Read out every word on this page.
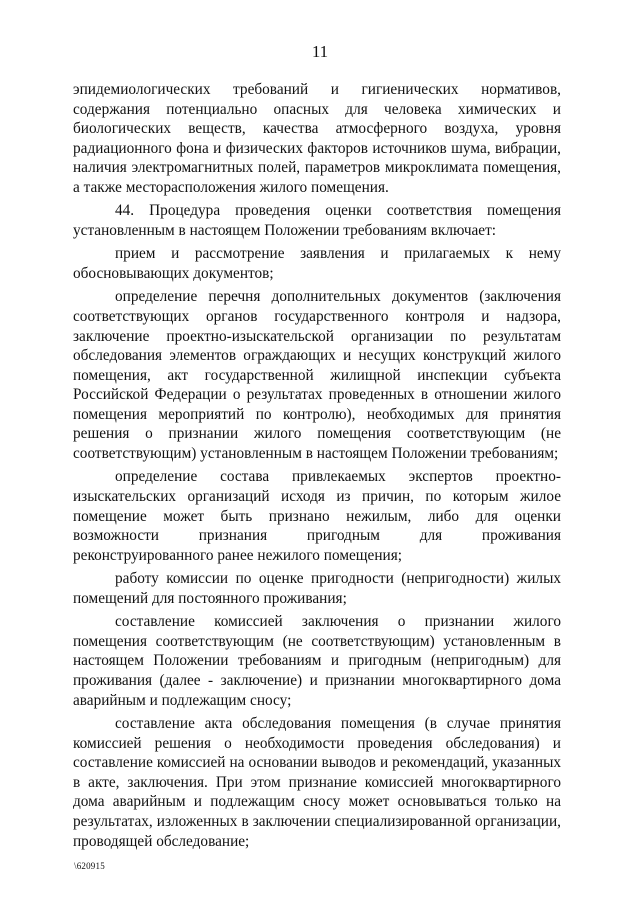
11

эпидемиологических требований и гигиенических нормативов, содержания потенциально опасных для человека химических и биологических веществ, качества атмосферного воздуха, уровня радиационного фона и физических факторов источников шума, вибрации, наличия электромагнитных полей, параметров микроклимата помещения, а также месторасположения жилого помещения.

44. Процедура проведения оценки соответствия помещения установленным в настоящем Положении требованиям включает:

прием и рассмотрение заявления и прилагаемых к нему обосновывающих документов;

определение перечня дополнительных документов (заключения соответствующих органов государственного контроля и надзора, заключение проектно-изыскательской организации по результатам обследования элементов ограждающих и несущих конструкций жилого помещения, акт государственной жилищной инспекции субъекта Российской Федерации о результатах проведенных в отношении жилого помещения мероприятий по контролю), необходимых для принятия решения о признании жилого помещения соответствующим (не соответствующим) установленным в настоящем Положении требованиям;

определение состава привлекаемых экспертов проектно-изыскательских организаций исходя из причин, по которым жилое помещение может быть признано нежилым, либо для оценки возможности признания пригодным для проживания реконструированного ранее нежилого помещения;

работу комиссии по оценке пригодности (непригодности) жилых помещений для постоянного проживания;

составление комиссией заключения о признании жилого помещения соответствующим (не соответствующим) установленным в настоящем Положении требованиям и пригодным (непригодным) для проживания (далее - заключение) и признании многоквартирного дома аварийным и подлежащим сносу;

составление акта обследования помещения (в случае принятия комиссией решения о необходимости проведения обследования) и составление комиссией на основании выводов и рекомендаций, указанных в акте, заключения. При этом признание комиссией многоквартирного дома аварийным и подлежащим сносу может основываться только на результатах, изложенных в заключении специализированной организации, проводящей обследование;

\620915
